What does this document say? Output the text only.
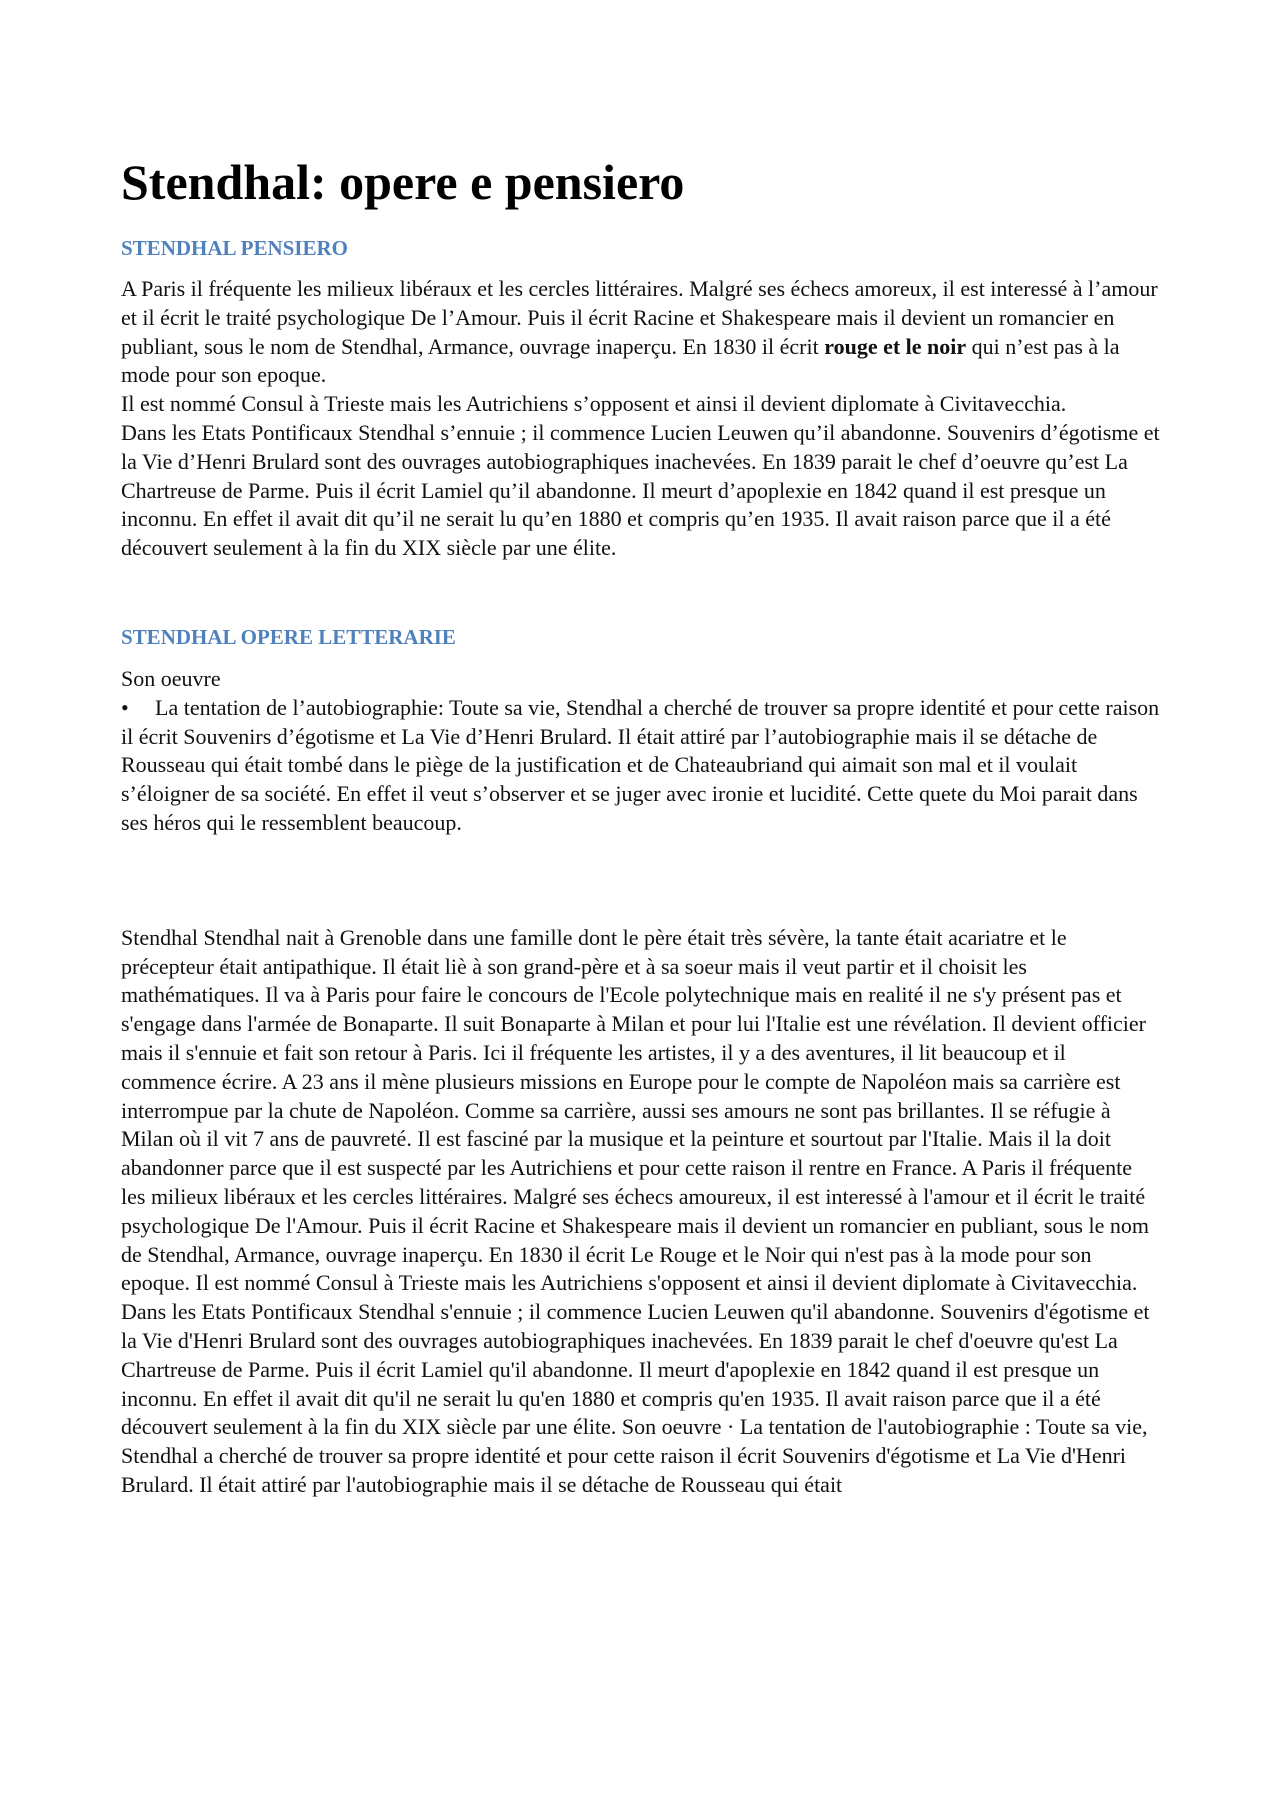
Stendhal: opere e pensiero
STENDHAL PENSIERO

A Paris il fréquente les milieux libéraux et les cercles littéraires. Malgré ses échecs amoreux, il est interessé à l’amour et il écrit le traité psychologique De l’Amour. Puis il écrit Racine et Shakespeare mais il devient un romancier en publiant, sous le nom de Stendhal, Armance, ouvrage inaperçu. En 1830 il écrit rouge et le noir qui n’est pas à la mode pour son epoque.

Il est nommé Consul à Trieste mais les Autrichiens s’opposent et ainsi il devient diplomate à Civitavecchia.

Dans les Etats Pontificaux Stendhal s’ennuie ; il commence Lucien Leuwen qu’il abandonne. Souvenirs d’égotisme et la Vie d’Henri Brulard sont des ouvrages autobiographiques inachevées. En 1839 parait le chef d’oeuvre qu’est La Chartreuse de Parme. Puis il écrit Lamiel qu’il abandonne. Il meurt d’apoplexie en 1842 quand il est presque un inconnu. En effet il avait dit qu’il ne serait lu qu’en 1880 et compris qu’en 1935. Il avait raison parce que il a été découvert seulement à la fin du XIX siècle par une élite.

STENDHAL OPERE LETTERARIE

Son oeuvre

• La tentation de l’autobiographie: Toute sa vie, Stendhal a cherché de trouver sa propre identité et pour cette raison il écrit Souvenirs d’égotisme et La Vie d’Henri Brulard. Il était attiré par l’autobiographie mais il se détache de Rousseau qui était tombé dans le piège de la justification et de Chateaubriand qui aimait son mal et il voulait s’éloigner de sa société. En effet il veut s’observer et se juger avec ironie et lucidité. Cette quete du Moi parait dans ses héros qui le ressemblent beaucoup.

Stendhal Stendhal nait à Grenoble dans une famille dont le père était très sévère, la tante était acariatre et le précepteur était antipathique. Il était liè à son grand-père et à sa soeur mais il veut partir et il choisit les mathématiques. Il va à Paris pour faire le concours de l'Ecole polytechnique mais en realité il ne s'y présent pas et s'engage dans l'armée de Bonaparte. Il suit Bonaparte à Milan et pour lui l'Italie est une révélation. Il devient officier mais il s'ennuie et fait son retour à Paris. Ici il fréquente les artistes, il y a des aventures, il lit beaucoup et il commence écrire. A 23 ans il mène plusieurs missions en Europe pour le compte de Napoléon mais sa carrière est interrompue par la chute de Napoléon. Comme sa carrière, aussi ses amours ne sont pas brillantes. Il se réfugie à Milan où il vit 7 ans de pauvreté. Il est fasciné par la musique et la peinture et sourtout par l'Italie. Mais il la doit abandonner parce que il est suspecté par les Autrichiens et pour cette raison il rentre en France. A Paris il fréquente les milieux libéraux et les cercles littéraires. Malgré ses échecs amoureux, il est interessé à l'amour et il écrit le traité psychologique De l'Amour. Puis il écrit Racine et Shakespeare mais il devient un romancier en publiant, sous le nom de Stendhal, Armance, ouvrage inaperçu. En 1830 il écrit Le Rouge et le Noir qui n'est pas à la mode pour son epoque. Il est nommé Consul à Trieste mais les Autrichiens s'opposent et ainsi il devient diplomate à Civitavecchia. Dans les Etats Pontificaux Stendhal s'ennuie ; il commence Lucien Leuwen qu'il abandonne. Souvenirs d'égotisme et la Vie d'Henri Brulard sont des ouvrages autobiographiques inachevées. En 1839 parait le chef d'oeuvre qu'est La Chartreuse de Parme. Puis il écrit Lamiel qu'il abandonne. Il meurt d'apoplexie en 1842 quand il est presque un inconnu. En effet il avait dit qu'il ne serait lu qu'en 1880 et compris qu'en 1935. Il avait raison parce que il a été découvert seulement à la fin du XIX siècle par une élite. Son oeuvre · La tentation de l'autobiographie : Toute sa vie, Stendhal a cherché de trouver sa propre identité et pour cette raison il écrit Souvenirs d'égotisme et La Vie d'Henri Brulard. Il était attiré par l'autobiographie mais il se détache de Rousseau qui était
